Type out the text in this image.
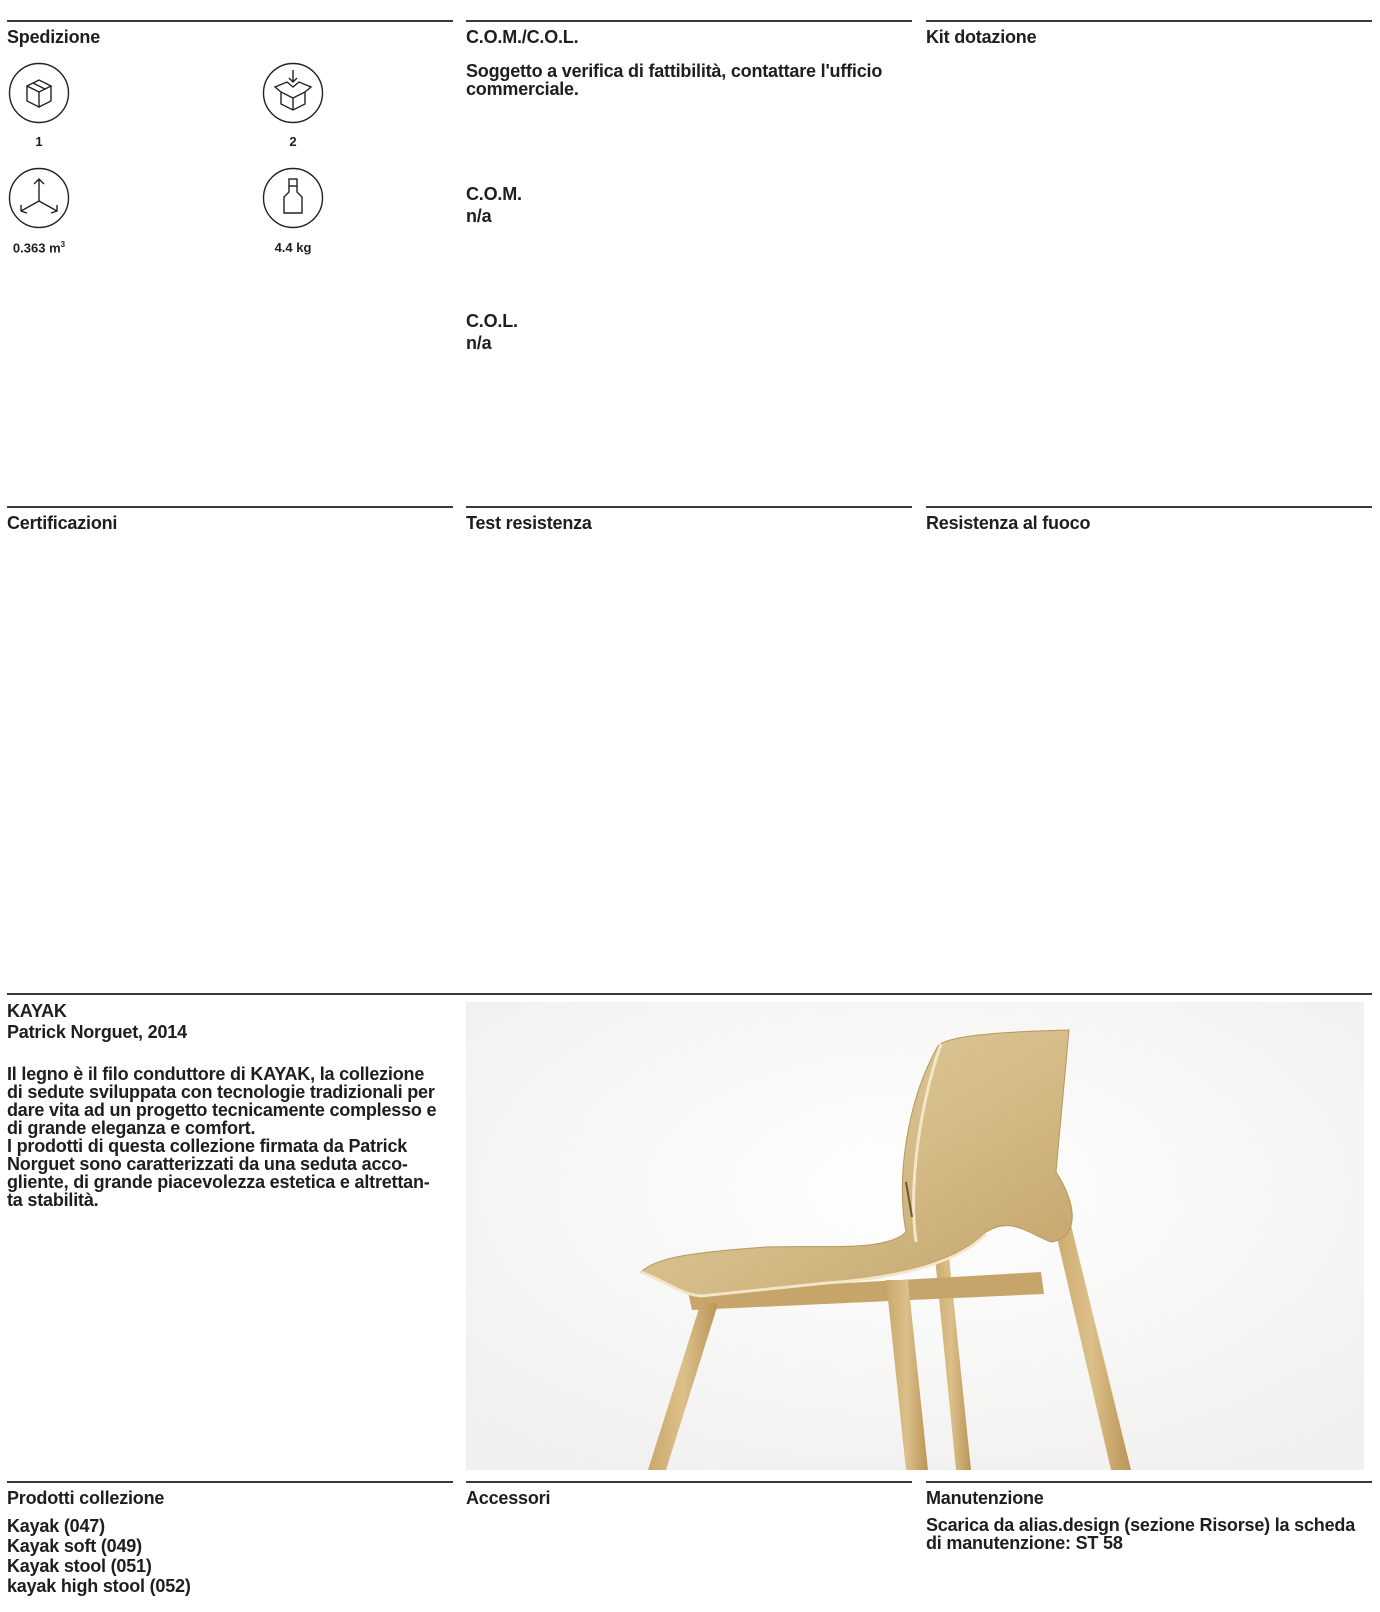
Spedizione	C.O.M./C.O.L.	Kit dotazione
1	2
0.363 $m^3$	4.4 kg
Soggetto a verifica di fattibilità, contattare l'ufficio
commerciale.
C.O.M.
n/a
C.O.L.
n/a
Certificazioni	Test resistenza	Resistenza al fuoco
KAYAK
Patrick Norguet, 2014
Il legno è il filo conduttore di KAYAK, la collezione
di sedute sviluppata con tecnologie tradizionali per
dare vita ad un progetto tecnicamente complesso e
di grande eleganza e comfort.
I prodotti di questa collezione firmata da Patrick
Norguet sono caratterizzati da una seduta acco-
gliente, di grande piacevolezza estetica e altrettan-
ta stabilità.
Prodotti collezione	Accessori	Manutenzione
Kayak (047)
Kayak soft (049)
Kayak stool (051)
kayak high stool (052)
Scarica da alias.design (sezione Risorse) la scheda
di manutenzione: ST 58
